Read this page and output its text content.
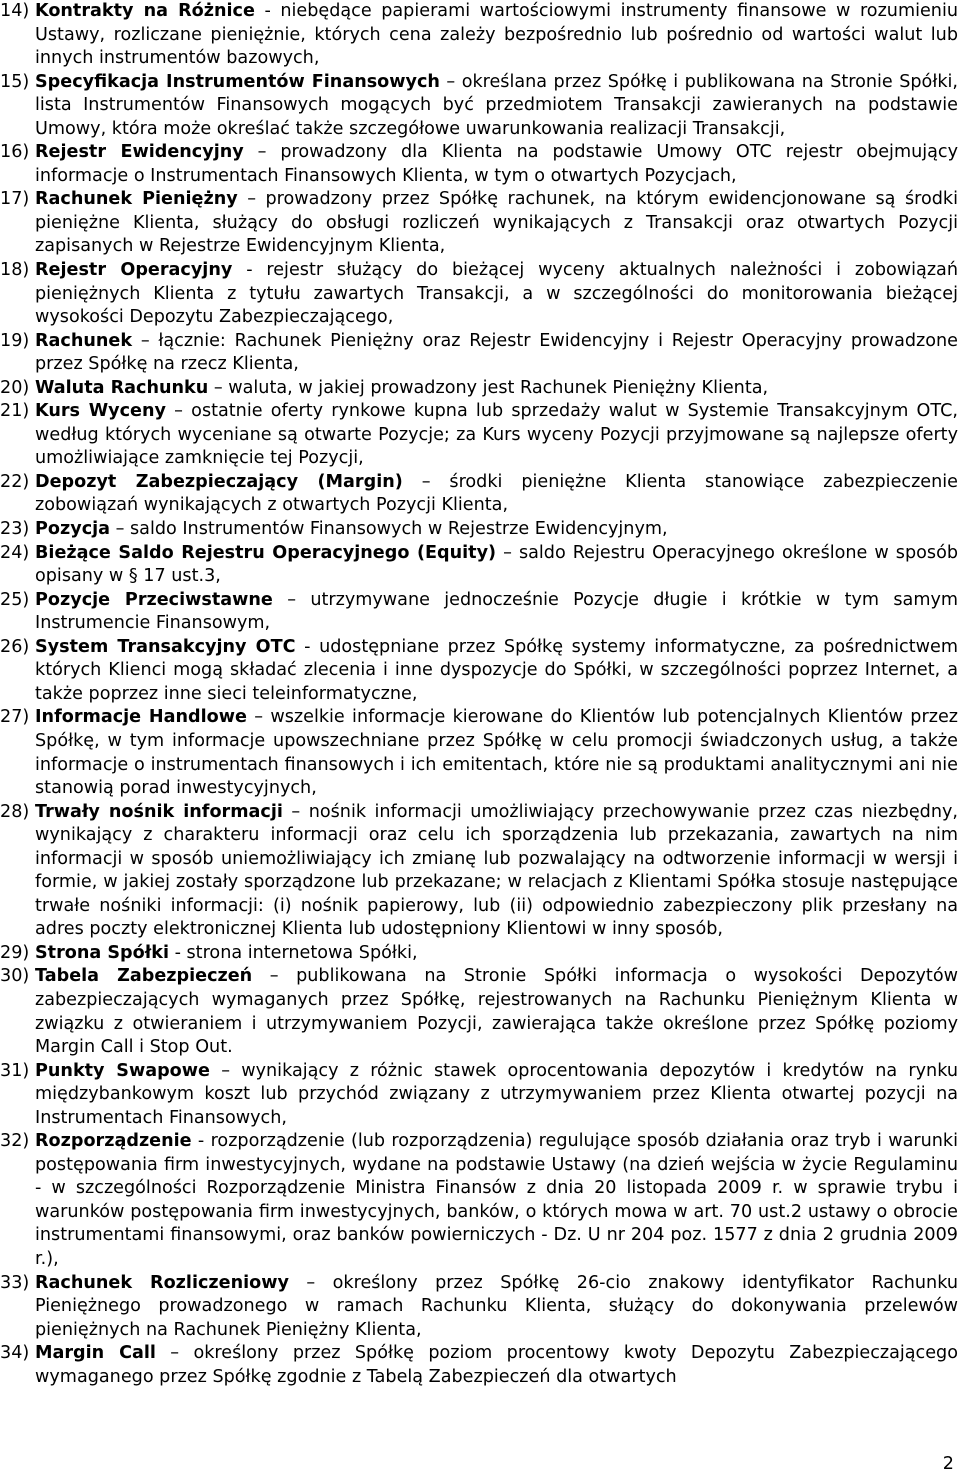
14) Kontrakty na Różnice - niebędące papierami wartościowymi instrumenty finansowe w rozumieniu Ustawy, rozliczane pieniężnie, których cena zależy bezpośrednio lub pośrednio od wartości walut lub innych instrumentów bazowych,
15) Specyfikacja Instrumentów Finansowych – określana przez Spółkę i publikowana na Stronie Spółki, lista Instrumentów Finansowych mogących być przedmiotem Transakcji zawieranych na podstawie Umowy, która może określać także szczegółowe uwarunkowania realizacji Transakcji,
16) Rejestr Ewidencyjny – prowadzony dla Klienta na podstawie Umowy OTC rejestr obejmujący informacje o Instrumentach Finansowych Klienta, w tym o otwartych Pozycjach,
17) Rachunek Pieniężny – prowadzony przez Spółkę rachunek, na którym ewidencjonowane są środki pieniężne Klienta, służący do obsługi rozliczeń wynikających z Transakcji oraz otwartych Pozycji zapisanych w Rejestrze Ewidencyjnym Klienta,
18) Rejestr Operacyjny - rejestr służący do bieżącej wyceny aktualnych należności i zobowiązań pieniężnych Klienta z tytułu zawartych Transakcji, a w szczególności do monitorowania bieżącej wysokości Depozytu Zabezpieczającego,
19) Rachunek – łącznie: Rachunek Pieniężny oraz Rejestr Ewidencyjny i Rejestr Operacyjny prowadzone przez Spółkę na rzecz Klienta,
20) Waluta Rachunku – waluta, w jakiej prowadzony jest Rachunek Pieniężny Klienta,
21) Kurs Wyceny – ostatnie oferty rynkowe kupna lub sprzedaży walut w Systemie Transakcyjnym OTC, według których wyceniane są otwarte Pozycje; za Kurs wyceny Pozycji przyjmowane są najlepsze oferty umożliwiające zamknięcie tej Pozycji,
22) Depozyt Zabezpieczający (Margin) – środki pieniężne Klienta stanowiące zabezpieczenie zobowiązań wynikających z otwartych Pozycji Klienta,
23) Pozycja – saldo Instrumentów Finansowych w Rejestrze Ewidencyjnym,
24) Bieżące Saldo Rejestru Operacyjnego (Equity) – saldo Rejestru Operacyjnego określone w sposób opisany w § 17 ust.3,
25) Pozycje Przeciwstawne – utrzymywane jednocześnie Pozycje długie i krótkie w tym samym Instrumencie Finansowym,
26) System Transakcyjny OTC - udostępniane przez Spółkę systemy informatyczne, za pośrednictwem których Klienci mogą składać zlecenia i inne dyspozycje do Spółki, w szczególności poprzez Internet, a także poprzez inne sieci teleinformatyczne,
27) Informacje Handlowe – wszelkie informacje kierowane do Klientów lub potencjalnych Klientów przez Spółkę, w tym informacje upowszechniane przez Spółkę w celu promocji świadczonych usług, a także informacje o instrumentach finansowych i ich emitentach, które nie są produktami analitycznymi ani nie stanowią porad inwestycyjnych,
28) Trwały nośnik informacji – nośnik informacji umożliwiający przechowywanie przez czas niezbędny, wynikający z charakteru informacji oraz celu ich sporządzenia lub przekazania, zawartych na nim informacji w sposób uniemożliwiający ich zmianę lub pozwalający na odtworzenie informacji w wersji i formie, w jakiej zostały sporządzone lub przekazane; w relacjach z Klientami Spółka stosuje następujące trwałe nośniki informacji: (i) nośnik papierowy, lub (ii) odpowiednio zabezpieczony plik przesłany na adres poczty elektronicznej Klienta lub udostępniony Klientowi w inny sposób,
29) Strona Spółki - strona internetowa Spółki,
30) Tabela Zabezpieczeń – publikowana na Stronie Spółki informacja o wysokości Depozytów zabezpieczających wymaganych przez Spółkę, rejestrowanych na Rachunku Pieniężnym Klienta w związku z otwieraniem i utrzymywaniem Pozycji, zawierająca także określone przez Spółkę poziomy Margin Call i Stop Out.
31) Punkty Swapowe – wynikający z różnic stawek oprocentowania depozytów i kredytów na rynku międzybankowym koszt lub przychód związany z utrzymywaniem przez Klienta otwartej pozycji na Instrumentach Finansowych,
32) Rozporządzenie - rozporządzenie (lub rozporządzenia) regulujące sposób działania oraz tryb i warunki postępowania firm inwestycyjnych, wydane na podstawie Ustawy (na dzień wejścia w życie Regulaminu - w szczególności Rozporządzenie Ministra Finansów z dnia 20 listopada 2009 r. w sprawie trybu i warunków postępowania firm inwestycyjnych, banków, o których mowa w art. 70 ust.2 ustawy o obrocie instrumentami finansowymi, oraz banków powierniczych - Dz. U nr 204 poz. 1577 z dnia 2 grudnia 2009 r.),
33) Rachunek Rozliczeniowy – określony przez Spółkę 26-cio znakowy identyfikator Rachunku Pieniężnego prowadzonego w ramach Rachunku Klienta, służący do dokonywania przelewów pieniężnych na Rachunek Pieniężny Klienta,
34) Margin Call – określony przez Spółkę poziom procentowy kwoty Depozytu Zabezpieczającego wymaganego przez Spółkę zgodnie z Tabelą Zabezpieczeń dla otwartych
2
